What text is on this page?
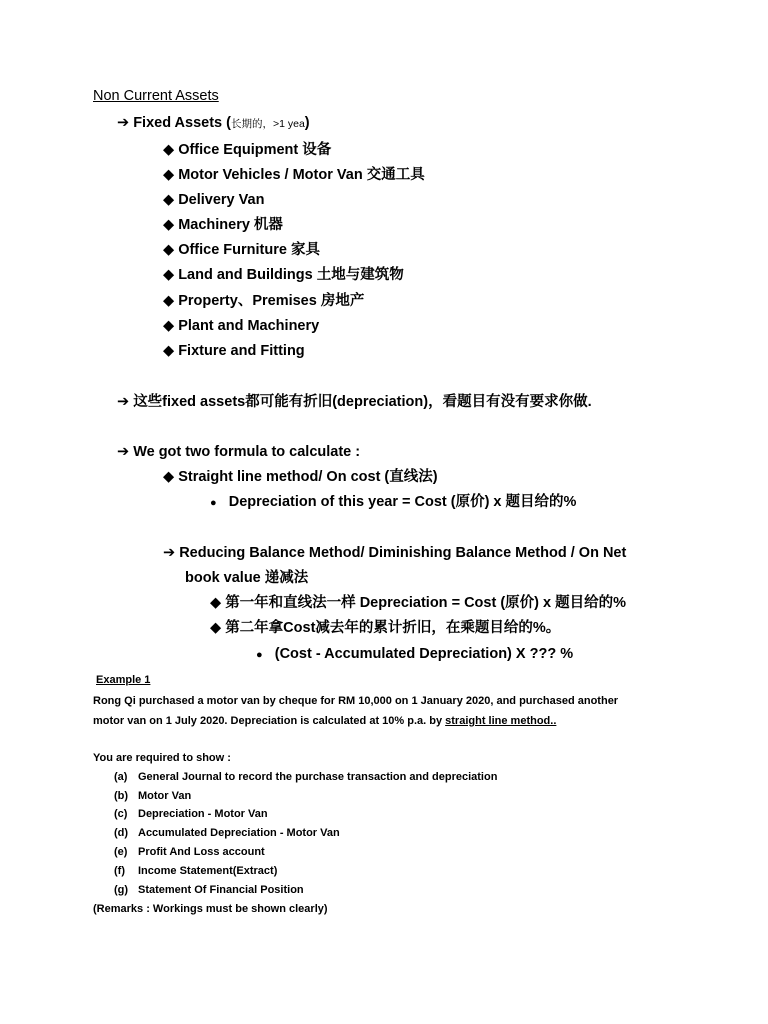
Non Current Assets
➔ Fixed Assets (长期的，>1 yea)
◆ Office Equipment 设备
◆ Motor Vehicles / Motor Van 交通工具
◆ Delivery Van
◆ Machinery 机器
◆ Office Furniture 家具
◆ Land and Buildings 土地与建筑物
◆ Property、Premises 房地产
◆ Plant and Machinery
◆ Fixture and Fitting
➔ 这些fixed assets都可能有折旧(depreciation)，看题目有没有要求你做.
➔ We got two formula to calculate :
◆ Straight line method/ On cost (直线法)
● Depreciation of this year = Cost (原价) x 题目给的%
➔ Reducing Balance Method/ Diminishing Balance Method / On Net
book value 递减法
◆ 第一年和直线法一样 Depreciation = Cost (原价) x 题目给的%
◆ 第二年拿Cost减去年的累计折旧，在乘题目给的%。
● (Cost - Accumulated Depreciation) X ??? %
Example 1
Rong Qi purchased a motor van by cheque for RM 10,000 on 1 January 2020, and purchased another
motor van on 1 July 2020. Depreciation is calculated at 10% p.a. by straight line method..
You are required to show :
(a) General Journal to record the purchase transaction and depreciation
(b) Motor Van
(c) Depreciation - Motor Van
(d) Accumulated Depreciation - Motor Van
(e) Profit And Loss account
(f) Income Statement(Extract)
(g) Statement Of Financial Position
(Remarks : Workings must be shown clearly)
